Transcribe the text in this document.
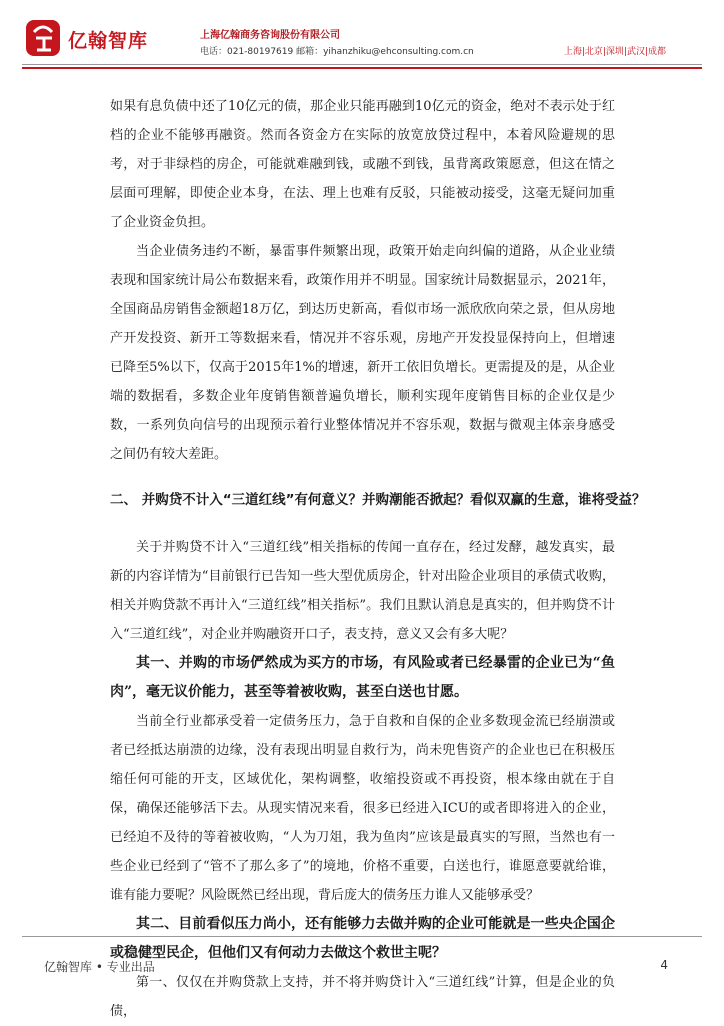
亿翰智库	上海亿翰商务咨询股份有限公司
电话：021-80197619 邮箱：yihanzhiku@ehconsulting.com.cn	上海|北京|深圳|武汉|成都

如果有息负债中还了10亿元的债，那企业只能再融到10亿元的资金，绝对不表示处于红档的企业不能够再融资。然而各资金方在实际的放宽放贷过程中，本着风险避规的思考，对于非绿档的房企，可能就难融到钱，或融不到钱，虽背离政策愿意，但这在情之层面可理解，即使企业本身，在法、理上也难有反驳，只能被动接受，这毫无疑问加重了企业资金负担。

当企业债务违约不断，暴雷事件频繁出现，政策开始走向纠偏的道路，从企业业绩表现和国家统计局公布数据来看，政策作用并不明显。国家统计局数据显示，2021年，全国商品房销售金额超18万亿，到达历史新高，看似市场一派欣欣向荣之景，但从房地产开发投资、新开工等数据来看，情况并不容乐观，房地产开发投显保持向上，但增速已降至5%以下，仅高于2015年1%的增速，新开工依旧负增长。更需提及的是，从企业端的数据看，多数企业年度销售额普遍负增长，顺利实现年度销售目标的企业仅是少数，一系列负向信号的出现预示着行业整体情况并不容乐观，数据与微观主体亲身感受之间仍有较大差距。

二、 并购贷不计入“三道红线”有何意义？并购潮能否掀起？看似双赢的生意，谁将受益？

关于并购贷不计入“三道红线”相关指标的传闻一直存在，经过发酵，越发真实，最新的内容详情为“目前银行已告知一些大型优质房企，针对出险企业项目的承债式收购，相关并购贷款不再计入“三道红线”相关指标”。我们且默认消息是真实的，但并购贷不计入“三道红线”，对企业并购融资开口子，表支持，意义又会有多大呢？

其一、并购的市场俨然成为买方的市场，有风险或者已经暴雷的企业已为“鱼肉”，毫无议价能力，甚至等着被收购，甚至白送也甘愿。

当前全行业都承受着一定债务压力，急于自救和自保的企业多数现金流已经崩溃或者已经抵达崩溃的边缘，没有表现出明显自救行为，尚未兜售资产的企业也已在积极压缩任何可能的开支，区域优化，架构调整，收缩投资或不再投资，根本缘由就在于自保，确保还能够活下去。从现实情况来看，很多已经进入ICU的或者即将进入的企业，已经迫不及待的等着被收购，“人为刀俎，我为鱼肉”应该是最真实的写照，当然也有一些企业已经到了“管不了那么多了”的境地，价格不重要，白送也行，谁愿意要就给谁，谁有能力要呢？风险既然已经出现，背后庞大的债务压力谁人又能够承受？

其二、目前看似压力尚小，还有能够力去做并购的企业可能就是一些央企国企或稳健型民企，但他们又有何动力去做这个救世主呢？

第一、仅仅在并购贷款上支持，并不将并购贷计入“三道红线”计算，但是企业的负债，

亿翰智库 • 专业出品	4
